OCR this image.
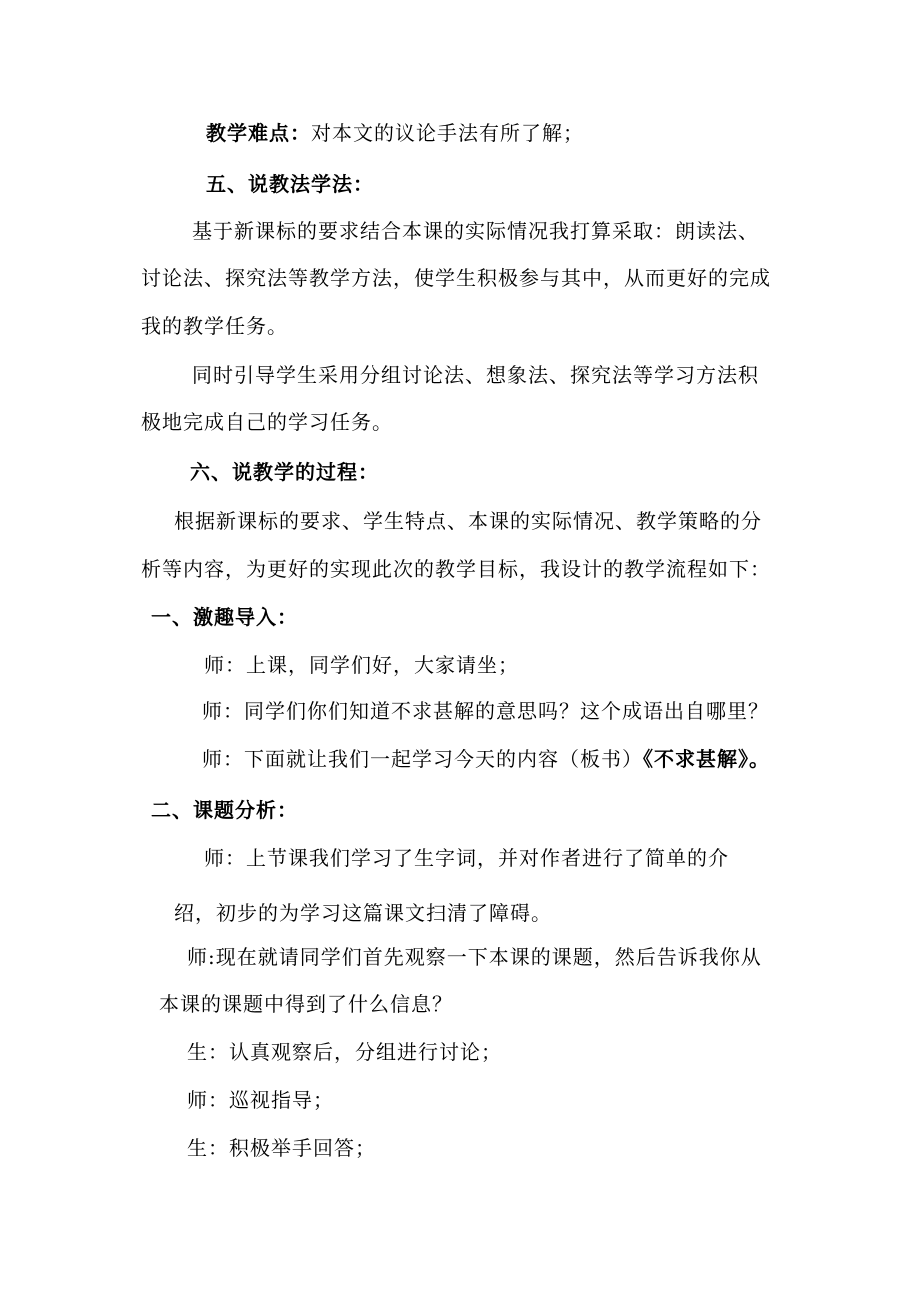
教学难点：对本文的议论手法有所了解；
五、说教法学法：
基于新课标的要求结合本课的实际情况我打算采取：朗读法、
讨论法、探究法等教学方法，使学生积极参与其中，从而更好的完成
我的教学任务。
同时引导学生采用分组讨论法、想象法、探究法等学习方法积
极地完成自己的学习任务。
六、说教学的过程：
根据新课标的要求、学生特点、本课的实际情况、教学策略的分
析等内容，为更好的实现此次的教学目标，我设计的教学流程如下：
一、激趣导入：
师：上课，同学们好，大家请坐；
师：同学们你们知道不求甚解的意思吗？这个成语出自哪里？
师：下面就让我们一起学习今天的内容（板书）《不求甚解》。
二、课题分析：
师：上节课我们学习了生字词，并对作者进行了简单的介
绍，初步的为学习这篇课文扫清了障碍。
师:现在就请同学们首先观察一下本课的课题，然后告诉我你从
本课的课题中得到了什么信息？
生：认真观察后，分组进行讨论；
师：巡视指导；
生：积极举手回答；
